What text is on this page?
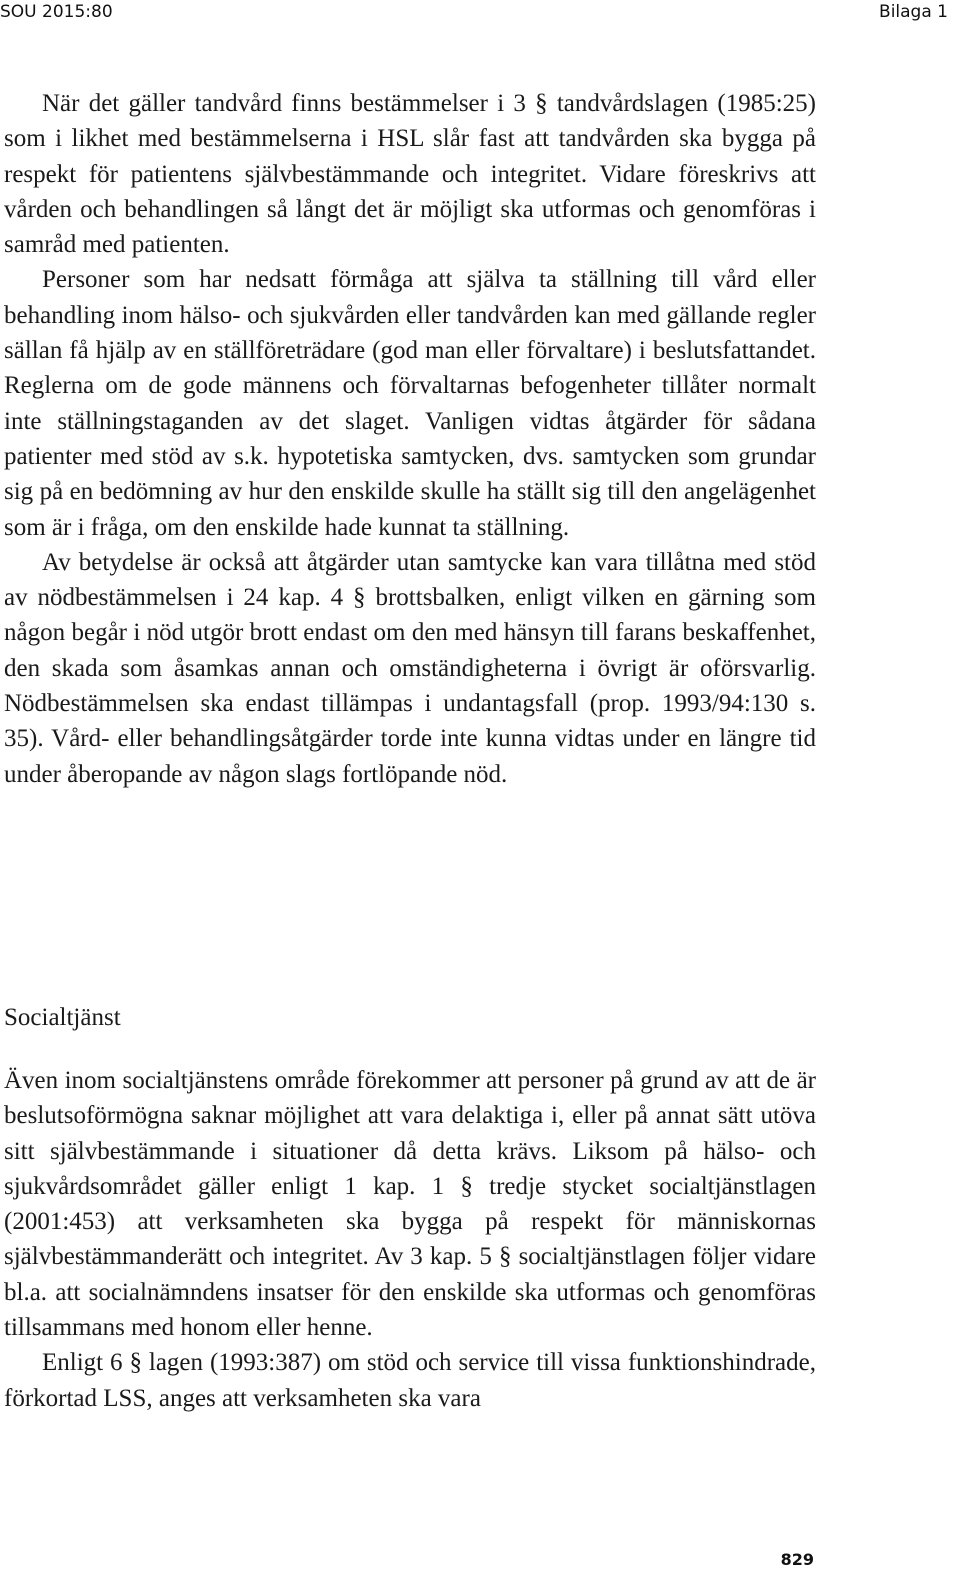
SOU 2015:80	Bilaga 1

När det gäller tandvård finns bestämmelser i 3 § tandvårdslagen (1985:25) som i likhet med bestämmelserna i HSL slår fast att tandvården ska bygga på respekt för patientens självbestämmande och integritet. Vidare föreskrivs att vården och behandlingen så långt det är möjligt ska utformas och genomföras i samråd med patienten.

Personer som har nedsatt förmåga att själva ta ställning till vård eller behandling inom hälso- och sjukvården eller tandvården kan med gällande regler sällan få hjälp av en ställföreträdare (god man eller förvaltare) i beslutsfattandet. Reglerna om de gode männens och förvaltarnas befogenheter tillåter normalt inte ställningstaganden av det slaget. Vanligen vidtas åtgärder för sådana patienter med stöd av s.k. hypotetiska samtycken, dvs. samtycken som grundar sig på en bedömning av hur den enskilde skulle ha ställt sig till den angelägenhet som är i fråga, om den enskilde hade kunnat ta ställning.

Av betydelse är också att åtgärder utan samtycke kan vara tillåtna med stöd av nödbestämmelsen i 24 kap. 4 § brottsbalken, enligt vilken en gärning som någon begår i nöd utgör brott endast om den med hänsyn till farans beskaffenhet, den skada som åsamkas annan och omständigheterna i övrigt är oförsvarlig. Nödbestämmelsen ska endast tillämpas i undantagsfall (prop. 1993/94:130 s. 35). Vård- eller behandlingsåtgärder torde inte kunna vidtas under en längre tid under åberopande av någon slags fortlöpande nöd.

Socialtjänst

Även inom socialtjänstens område förekommer att personer på grund av att de är beslutsoförmögna saknar möjlighet att vara delaktiga i, eller på annat sätt utöva sitt självbestämmande i situationer då detta krävs. Liksom på hälso- och sjukvårdsområdet gäller enligt 1 kap. 1 § tredje stycket socialtjänstlagen (2001:453) att verksamheten ska bygga på respekt för människornas självbestämmanderätt och integritet. Av 3 kap. 5 § socialtjänstlagen följer vidare bl.a. att socialnämndens insatser för den enskilde ska utformas och genomföras tillsammans med honom eller henne.

Enligt 6 § lagen (1993:387) om stöd och service till vissa funktionshindrade, förkortad LSS, anges att verksamheten ska vara

829
